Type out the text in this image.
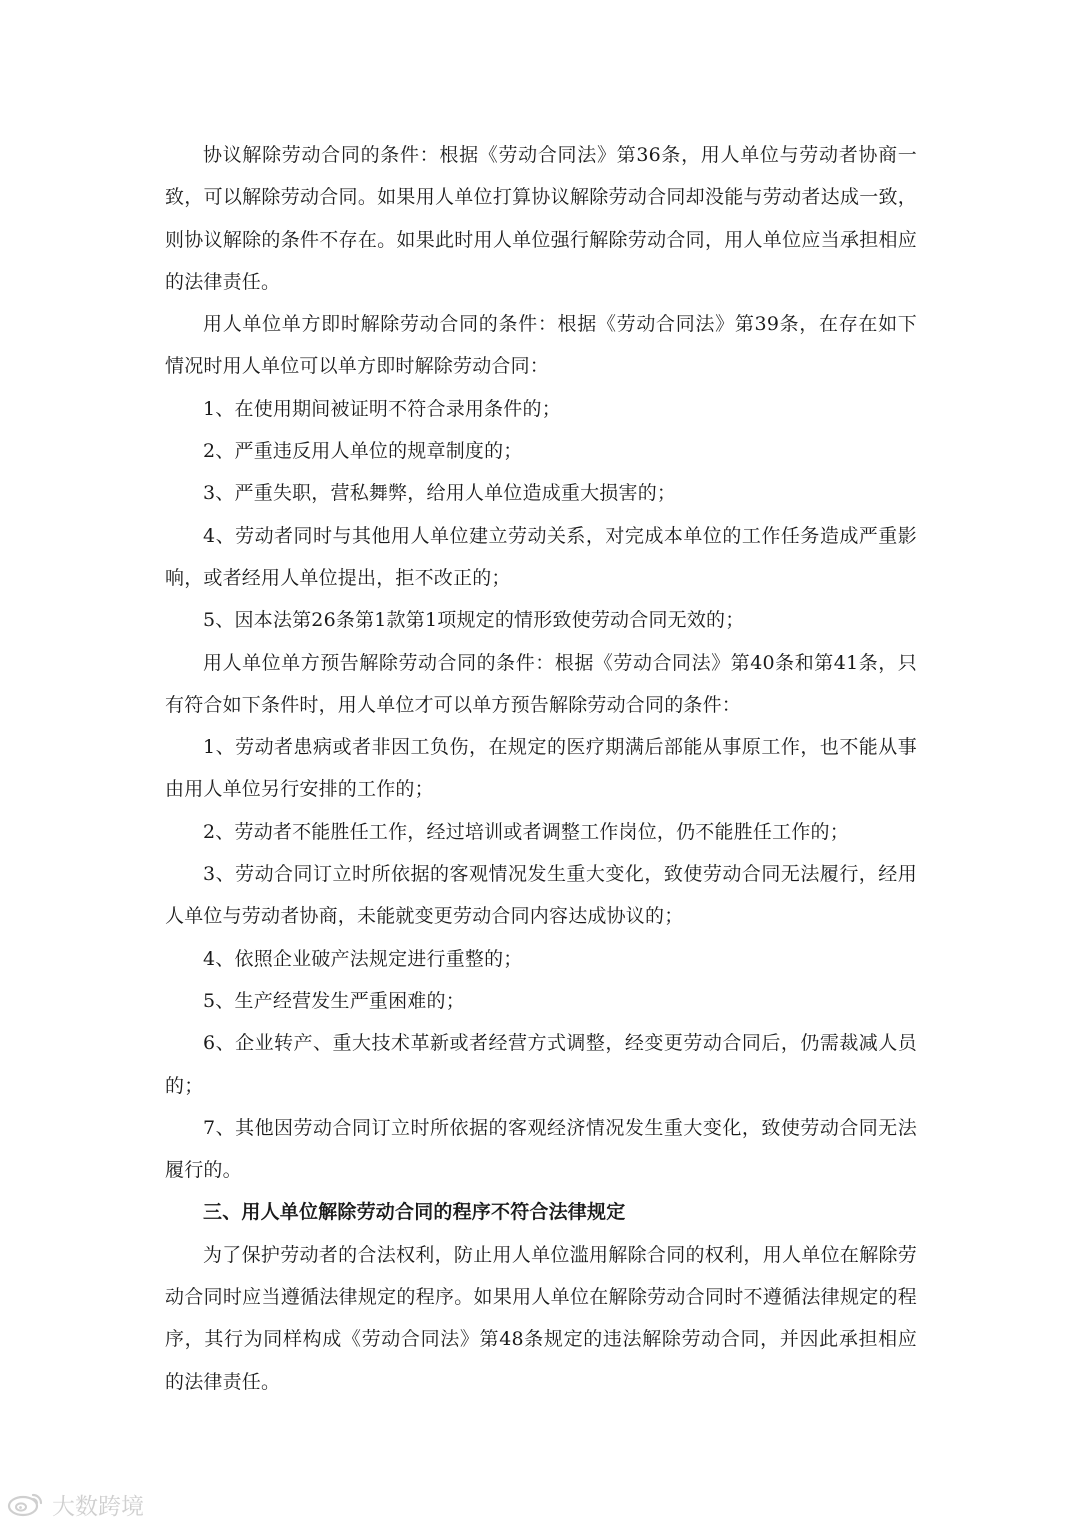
协议解除劳动合同的条件：根据《劳动合同法》第36条，用人单位与劳动者协商一致，可以解除劳动合同。如果用人单位打算协议解除劳动合同却没能与劳动者达成一致，则协议解除的条件不存在。如果此时用人单位强行解除劳动合同，用人单位应当承担相应的法律责任。

用人单位单方即时解除劳动合同的条件：根据《劳动合同法》第39条，在存在如下情况时用人单位可以单方即时解除劳动合同：

1、在使用期间被证明不符合录用条件的；

2、严重违反用人单位的规章制度的；

3、严重失职，营私舞弊，给用人单位造成重大损害的；

4、劳动者同时与其他用人单位建立劳动关系，对完成本单位的工作任务造成严重影响，或者经用人单位提出，拒不改正的；

5、因本法第26条第1款第1项规定的情形致使劳动合同无效的；

用人单位单方预告解除劳动合同的条件：根据《劳动合同法》第40条和第41条，只有符合如下条件时，用人单位才可以单方预告解除劳动合同的条件：

1、劳动者患病或者非因工负伤，在规定的医疗期满后部能从事原工作，也不能从事由用人单位另行安排的工作的；

2、劳动者不能胜任工作，经过培训或者调整工作岗位，仍不能胜任工作的；

3、劳动合同订立时所依据的客观情况发生重大变化，致使劳动合同无法履行，经用人单位与劳动者协商，未能就变更劳动合同内容达成协议的；

4、依照企业破产法规定进行重整的；

5、生产经营发生严重困难的；

6、企业转产、重大技术革新或者经营方式调整，经变更劳动合同后，仍需裁减人员的；

7、其他因劳动合同订立时所依据的客观经济情况发生重大变化，致使劳动合同无法履行的。

三、用人单位解除劳动合同的程序不符合法律规定

为了保护劳动者的合法权利，防止用人单位滥用解除合同的权利，用人单位在解除劳动合同时应当遵循法律规定的程序。如果用人单位在解除劳动合同时不遵循法律规定的程序，其行为同样构成《劳动合同法》第48条规定的违法解除劳动合同，并因此承担相应的法律责任。

大数跨境
